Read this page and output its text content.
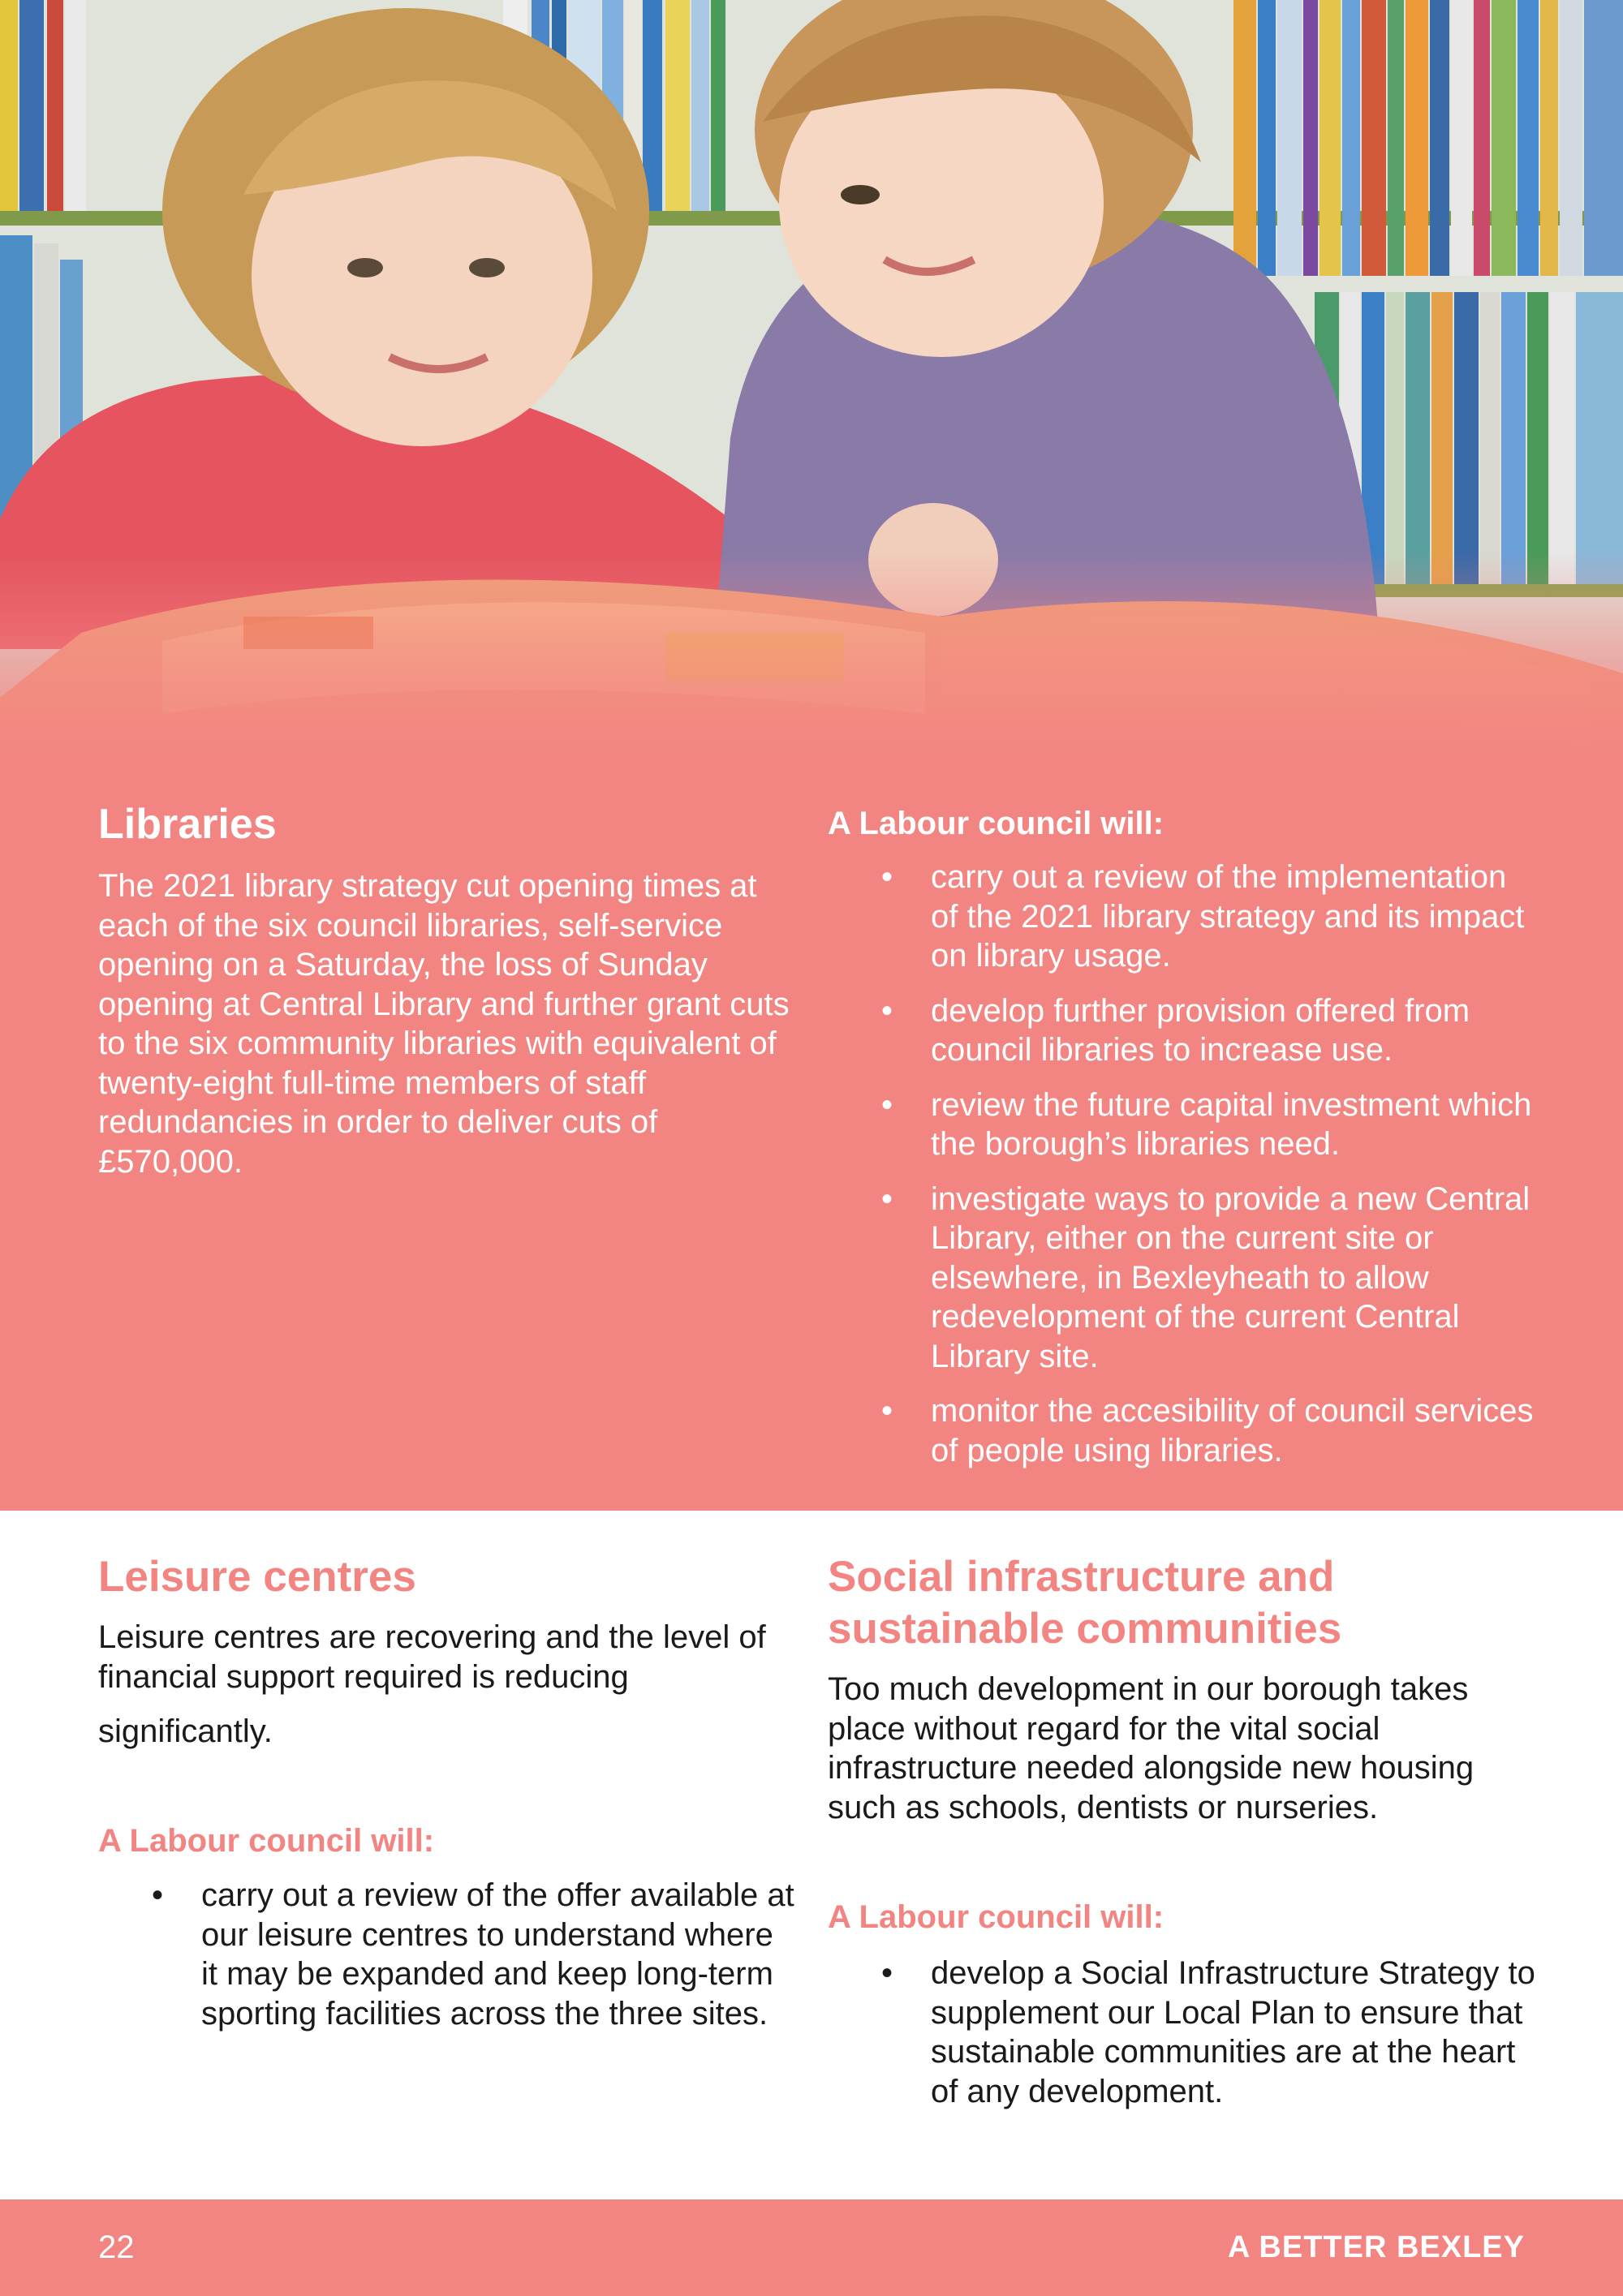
Libraries

The 2021 library strategy cut opening times at each of the six council libraries, self-service opening on a Saturday, the loss of Sunday opening at Central Library and further grant cuts to the six community libraries with equivalent of twenty-eight full-time members of staff redundancies in order to deliver cuts of £570,000.

A Labour council will:
• carry out a review of the implementation of the 2021 library strategy and its impact on library usage.
• develop further provision offered from council libraries to increase use.
• review the future capital investment which the borough’s libraries need.
• investigate ways to provide a new Central Library, either on the current site or elsewhere, in Bexleyheath to allow redevelopment of the current Central Library site.
• monitor the accesibility of council services of people using libraries.
Leisure centres

Leisure centres are recovering and the level of financial support required is reducing

significantly.

A Labour council will:
• carry out a review of the offer available at our leisure centres to understand where it may be expanded and keep long-term sporting facilities across the three sites.
Social infrastructure and sustainable communities

Too much development in our borough takes place without regard for the vital social infrastructure needed alongside new housing such as schools, dentists or nurseries.

A Labour council will:
• develop a Social Infrastructure Strategy to supplement our Local Plan to ensure that sustainable communities are at the heart of any development.

22	A BETTER BEXLEY
